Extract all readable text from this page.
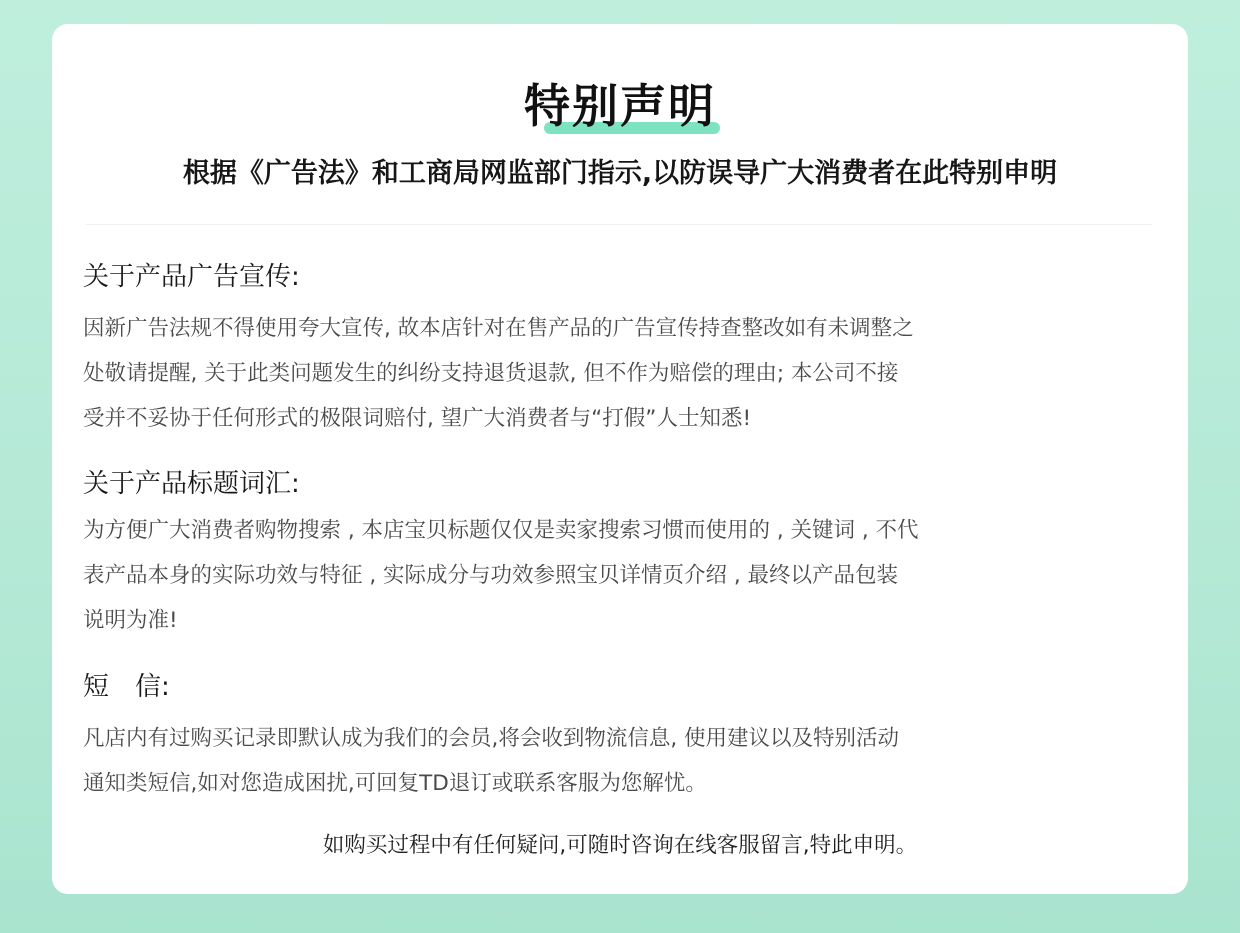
特别声明
根据《广告法》和工商局网监部门指示,以防误导广大消费者在此特别申明
关于产品广告宣传:
因新广告法规不得使用夸大宣传, 故本店针对在售产品的广告宣传持查整改如有未调整之
处敬请提醒, 关于此类问题发生的纠纷支持退货退款, 但不作为赔偿的理由; 本公司不接
受并不妥协于任何形式的极限词赔付, 望广大消费者与“打假”人士知悉!
关于产品标题词汇:
为方便广大消费者购物搜索 , 本店宝贝标题仅仅是卖家搜索习惯而使用的 , 关键词 , 不代
表产品本身的实际功效与特征 , 实际成分与功效参照宝贝详情页介绍 , 最终以产品包装
说明为准!
短　信:
凡店内有过购买记录即默认成为我们的会员,将会收到物流信息, 使用建议以及特别活动
通知类短信,如对您造成困扰,可回复TD退订或联系客服为您解忧。
如购买过程中有任何疑问,可随时咨询在线客服留言,特此申明。
